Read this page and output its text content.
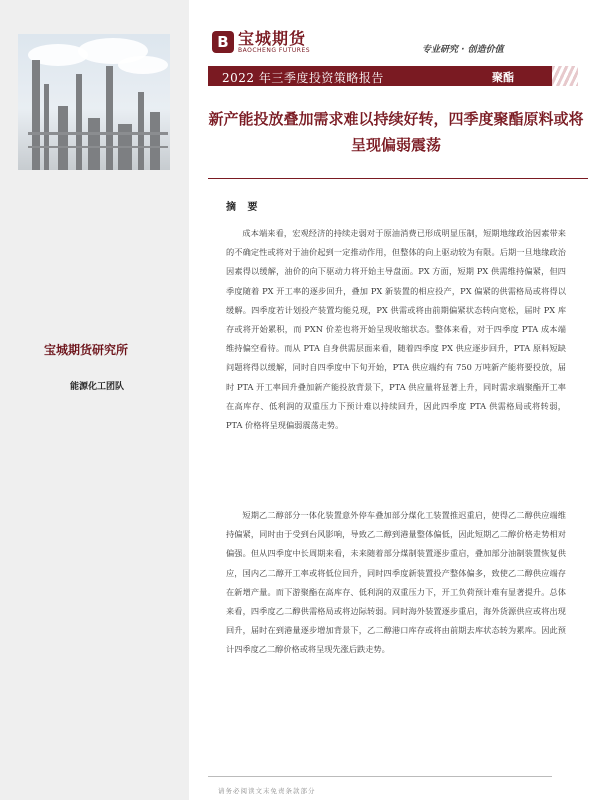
宝城期货研究所

能源化工团队

B 宝城期货
BAOCHENG FUTURES	专业研究 · 创造价值
2022 年三季度投资策略报告	聚酯
新产能投放叠加需求难以持续好转，四季度聚酯原料或将呈现偏弱震荡
摘 要

成本端来看，宏观经济的持续走弱对于原油消费已形成明显压制，短期地缘政治因素带来的不确定性或将对于油价起到一定推动作用，但整体的向上驱动较为有限。后期一旦地缘政治因素得以缓解，油价的向下驱动力将开始主导盘面。PX 方面，短期 PX 供需维持偏紧，但四季度随着 PX 开工率的逐步回升，叠加 PX 新装置的相应投产，PX 偏紧的供需格局或将得以缓解。四季度若计划投产装置均能兑现，PX 供需或将由前期偏紧状态转向宽松，届时 PX 库存或将开始累积，而 PXN 价差也将开始呈现收缩状态。整体来看，对于四季度 PTA 成本端维持偏空看待。而从 PTA 自身供需层面来看，随着四季度 PX 供应逐步回升，PTA 原料短缺问题将得以缓解，同时自四季度中下旬开始，PTA 供应端约有 750 万吨新产能将要投放，届时 PTA 开工率回升叠加新产能投放背景下，PTA 供应量将显著上升，同时需求端聚酯开工率在高库存、低利润的双重压力下预计难以持续回升，因此四季度 PTA 供需格局或将转弱，PTA 价格将呈现偏弱震荡走势。

短期乙二醇部分一体化装置意外停车叠加部分煤化工装置推迟重启，使得乙二醇供应端维持偏紧，同时由于受到台风影响，导致乙二醇到港量整体偏低，因此短期乙二醇价格走势相对偏强。但从四季度中长周期来看，未来随着部分煤制装置逐步重启，叠加部分油制装置恢复供应，国内乙二醇开工率或将低位回升，同时四季度新装置投产整体偏多，致使乙二醇供应端存在新增产量。而下游聚酯在高库存、低利润的双重压力下，开工负荷预计难有显著提升。总体来看，四季度乙二醇供需格局或将边际转弱。同时海外装置逐步重启，海外货源供应或将出现回升，届时在到港量逐步增加背景下，乙二醇港口库存或将由前期去库状态转为累库。因此预计四季度乙二醇价格或将呈现先涨后跌走势。

请务必阅读文末免责条款部分
